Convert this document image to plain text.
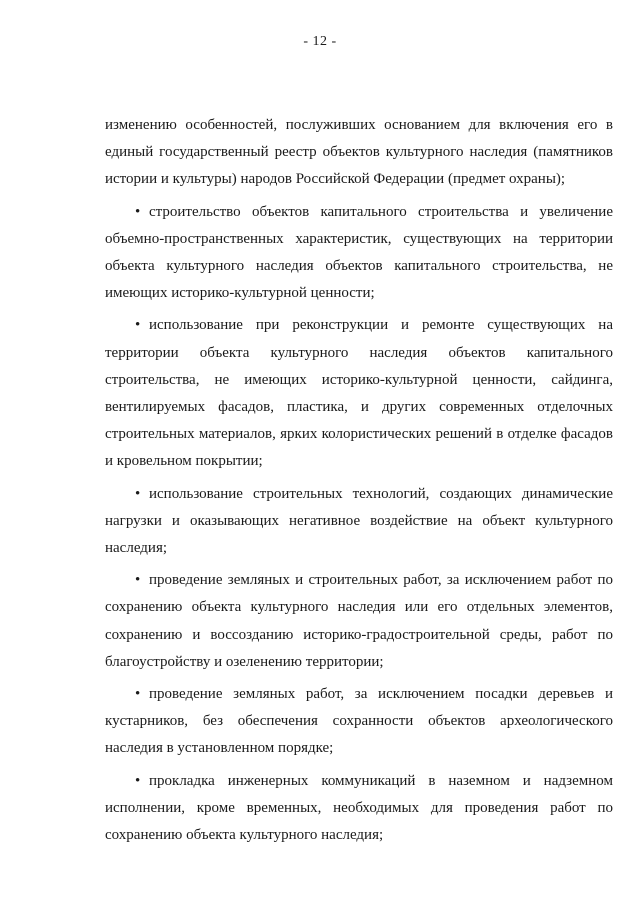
- 12 -

изменению особенностей, послуживших основанием для включения его в единый государственный реестр объектов культурного наследия (памятников истории и культуры) народов Российской Федерации (предмет охраны);

• строительство объектов капитального строительства и увеличение объемно-пространственных характеристик, существующих на территории объекта культурного наследия объектов капитального строительства, не имеющих историко-культурной ценности;

• использование при реконструкции и ремонте существующих на территории объекта культурного наследия объектов капитального строительства, не имеющих историко-культурной ценности, сайдинга, вентилируемых фасадов, пластика, и других современных отделочных строительных материалов, ярких колористических решений в отделке фасадов и кровельном покрытии;

• использование строительных технологий, создающих динамические нагрузки и оказывающих негативное воздействие на объект культурного наследия;

• проведение земляных и строительных работ, за исключением работ по сохранению объекта культурного наследия или его отдельных элементов, сохранению и воссозданию историко-градостроительной среды, работ по благоустройству и озеленению территории;

• проведение земляных работ, за исключением посадки деревьев и кустарников, без обеспечения сохранности объектов археологического наследия в установленном порядке;

• прокладка инженерных коммуникаций в наземном и надземном исполнении, кроме временных, необходимых для проведения работ по сохранению объекта культурного наследия;
